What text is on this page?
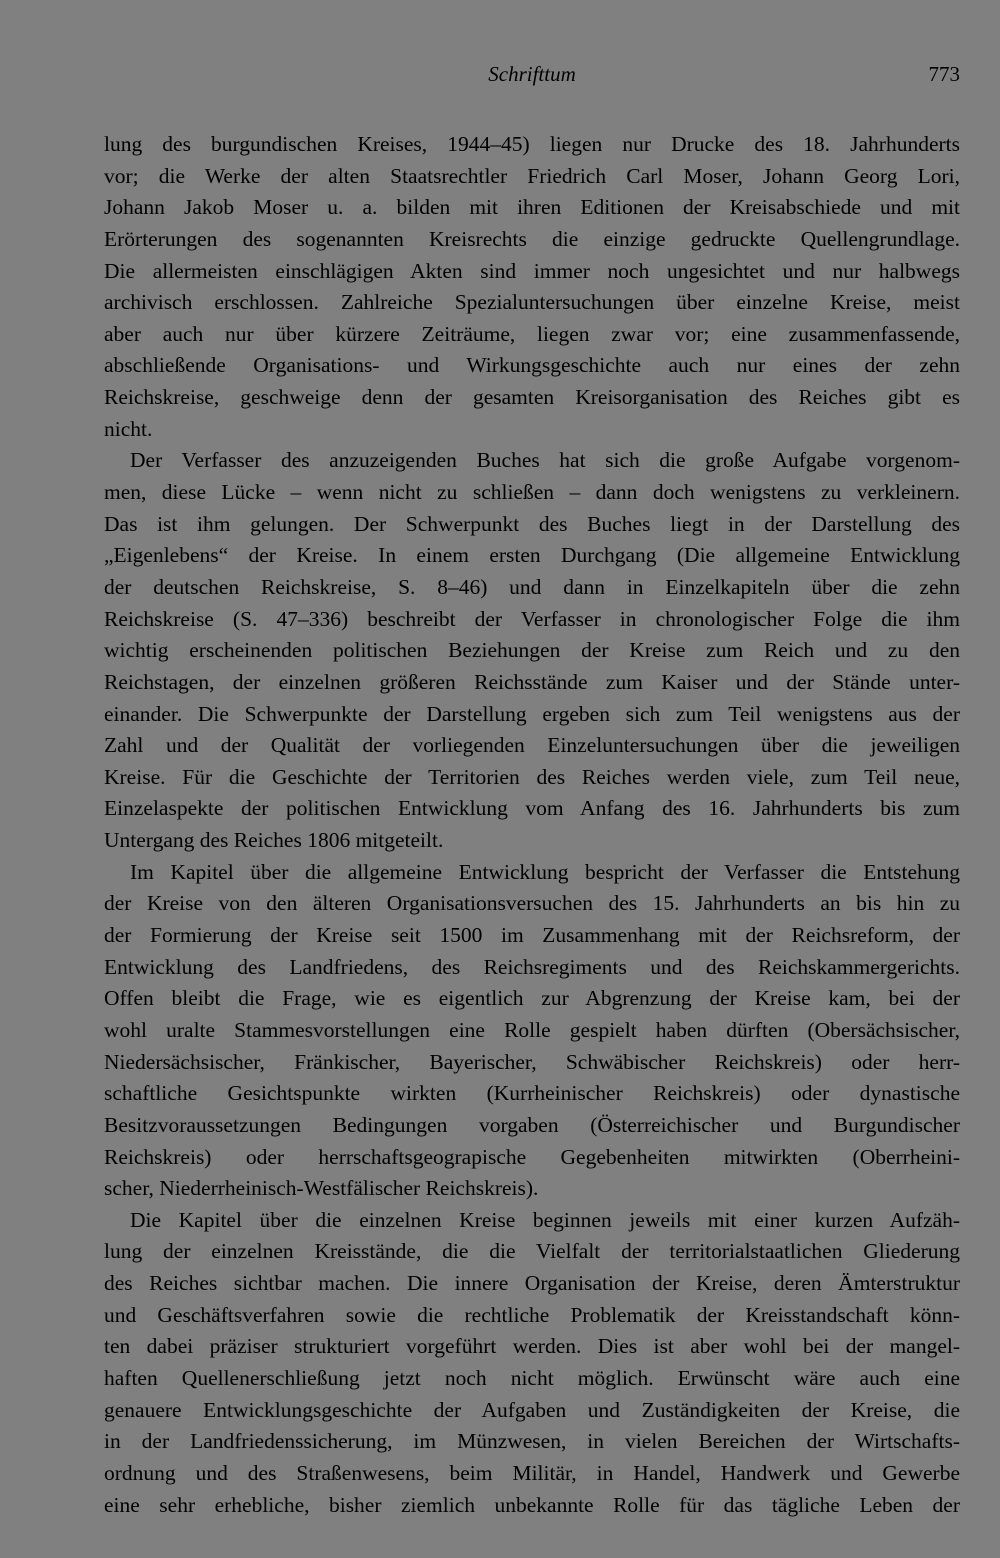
Schrifttum	773
lung des burgundischen Kreises, 1944–45) liegen nur Drucke des 18. Jahrhunderts
vor; die Werke der alten Staatsrechtler Friedrich Carl Moser, Johann Georg Lori,
Johann Jakob Moser u. a. bilden mit ihren Editionen der Kreisabschiede und mit
Erörterungen des sogenannten Kreisrechts die einzige gedruckte Quellengrundlage.
Die allermeisten einschlägigen Akten sind immer noch ungesichtet und nur halbwegs
archivisch erschlossen. Zahlreiche Spezialuntersuchungen über einzelne Kreise, meist
aber auch nur über kürzere Zeiträume, liegen zwar vor; eine zusammenfassende,
abschließende Organisations- und Wirkungsgeschichte auch nur eines der zehn
Reichskreise, geschweige denn der gesamten Kreisorganisation des Reiches gibt es
nicht.
Der Verfasser des anzuzeigenden Buches hat sich die große Aufgabe vorgenom-
men, diese Lücke – wenn nicht zu schließen – dann doch wenigstens zu verkleinern.
Das ist ihm gelungen. Der Schwerpunkt des Buches liegt in der Darstellung des
„Eigenlebens“ der Kreise. In einem ersten Durchgang (Die allgemeine Entwicklung
der deutschen Reichskreise, S. 8–46) und dann in Einzelkapiteln über die zehn
Reichskreise (S. 47–336) beschreibt der Verfasser in chronologischer Folge die ihm
wichtig erscheinenden politischen Beziehungen der Kreise zum Reich und zu den
Reichstagen, der einzelnen größeren Reichsstände zum Kaiser und der Stände unter-
einander. Die Schwerpunkte der Darstellung ergeben sich zum Teil wenigstens aus der
Zahl und der Qualität der vorliegenden Einzeluntersuchungen über die jeweiligen
Kreise. Für die Geschichte der Territorien des Reiches werden viele, zum Teil neue,
Einzelaspekte der politischen Entwicklung vom Anfang des 16. Jahrhunderts bis zum
Untergang des Reiches 1806 mitgeteilt.
Im Kapitel über die allgemeine Entwicklung bespricht der Verfasser die Entstehung
der Kreise von den älteren Organisationsversuchen des 15. Jahrhunderts an bis hin zu
der Formierung der Kreise seit 1500 im Zusammenhang mit der Reichsreform, der
Entwicklung des Landfriedens, des Reichsregiments und des Reichskammergerichts.
Offen bleibt die Frage, wie es eigentlich zur Abgrenzung der Kreise kam, bei der
wohl uralte Stammesvorstellungen eine Rolle gespielt haben dürften (Obersächsischer,
Niedersächsischer, Fränkischer, Bayerischer, Schwäbischer Reichskreis) oder herr-
schaftliche Gesichtspunkte wirkten (Kurrheinischer Reichskreis) oder dynastische
Besitzvoraussetzungen Bedingungen vorgaben (Österreichischer und Burgundischer
Reichskreis) oder herrschaftsgeograpische Gegebenheiten mitwirkten (Oberrheini-
scher, Niederrheinisch-Westfälischer Reichskreis).
Die Kapitel über die einzelnen Kreise beginnen jeweils mit einer kurzen Aufzäh-
lung der einzelnen Kreisstände, die die Vielfalt der territorialstaatlichen Gliederung
des Reiches sichtbar machen. Die innere Organisation der Kreise, deren Ämterstruktur
und Geschäftsverfahren sowie die rechtliche Problematik der Kreisstandschaft könn-
ten dabei präziser strukturiert vorgeführt werden. Dies ist aber wohl bei der mangel-
haften Quellenerschließung jetzt noch nicht möglich. Erwünscht wäre auch eine
genauere Entwicklungsgeschichte der Aufgaben und Zuständigkeiten der Kreise, die
in der Landfriedenssicherung, im Münzwesen, in vielen Bereichen der Wirtschafts-
ordnung und des Straßenwesens, beim Militär, in Handel, Handwerk und Gewerbe
eine sehr erhebliche, bisher ziemlich unbekannte Rolle für das tägliche Leben der
